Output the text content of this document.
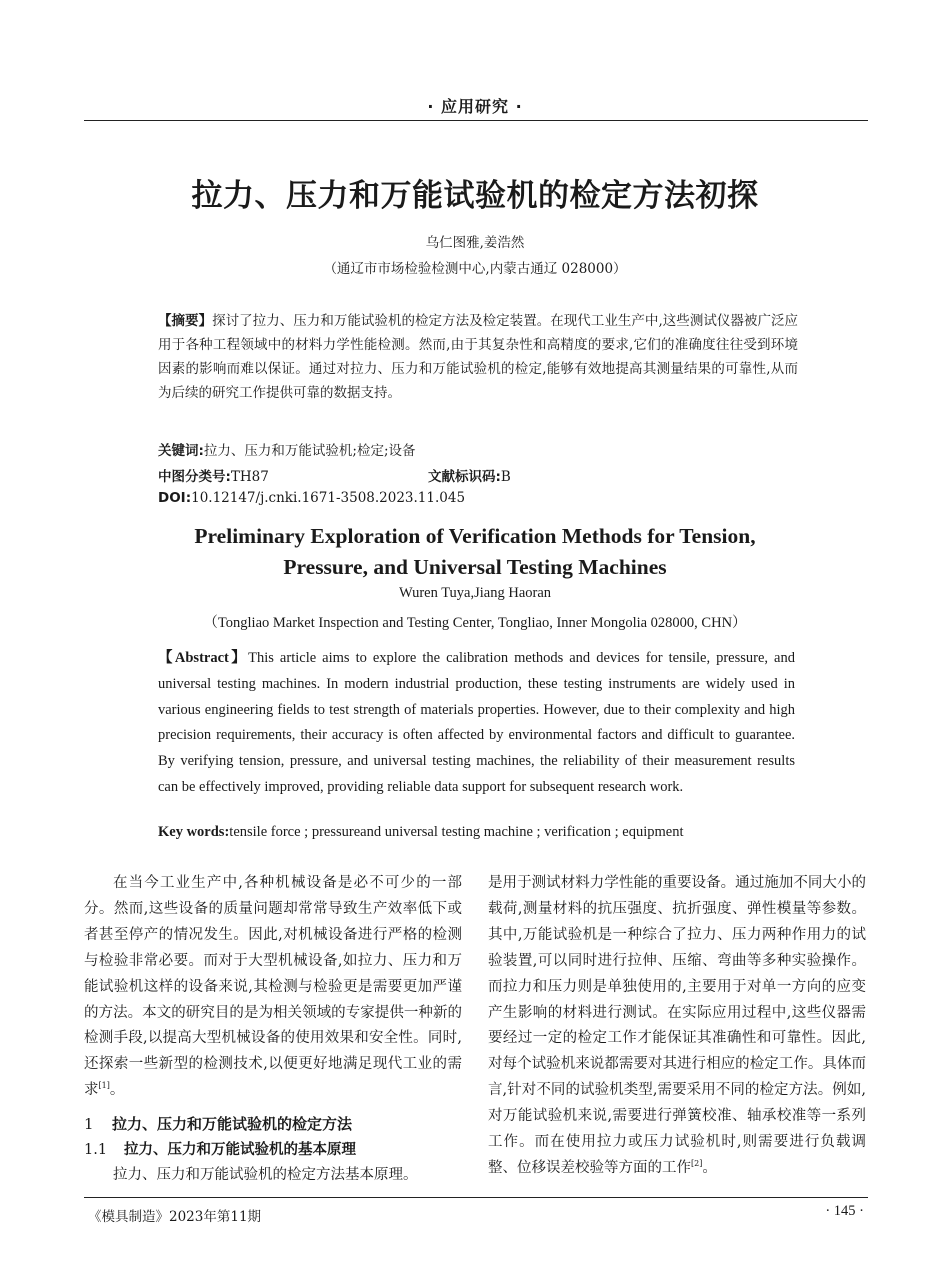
· 应用研究 ·
拉力、压力和万能试验机的检定方法初探
乌仁图雅,姜浩然
（通辽市市场检验检测中心,内蒙古通辽 028000）
【摘要】探讨了拉力、压力和万能试验机的检定方法及检定装置。在现代工业生产中,这些测试仪器被广泛应用于各种工程领域中的材料力学性能检测。然而,由于其复杂性和高精度的要求,它们的准确度往往受到环境因素的影响而难以保证。通过对拉力、压力和万能试验机的检定,能够有效地提高其测量结果的可靠性,从而为后续的研究工作提供可靠的数据支持。
关键词:拉力、压力和万能试验机;检定;设备
中图分类号:TH87	文献标识码:B
DOI:10.12147/j.cnki.1671-3508.2023.11.045
Preliminary Exploration of Verification Methods for Tension,
Pressure, and Universal Testing Machines
Wuren Tuya,Jiang Haoran
（Tongliao Market Inspection and Testing Center, Tongliao, Inner Mongolia 028000, CHN）
【Abstract】This article aims to explore the calibration methods and devices for tensile, pressure, and universal testing machines. In modern industrial production, these testing instruments are widely used in various engineering fields to test strength of materials properties. However, due to their complexity and high precision requirements, their accuracy is often affected by environmental factors and difficult to guarantee. By verifying tension, pressure, and universal testing machines, the reliability of their measurement results can be effectively improved, providing reliable data support for subsequent research work.
Key words:tensile force ; pressureand universal testing machine ; verification ; equipment

在当今工业生产中,各种机械设备是必不可少的一部分。然而,这些设备的质量问题却常常导致生产效率低下或者甚至停产的情况发生。因此,对机械设备进行严格的检测与检验非常必要。而对于大型机械设备,如拉力、压力和万能试验机这样的设备来说,其检测与检验更是需要更加严谨的方法。本文的研究目的是为相关领域的专家提供一种新的检测手段,以提高大型机械设备的使用效果和安全性。同时,还探索一些新型的检测技术,以便更好地满足现代工业的需求[1]。

1 拉力、压力和万能试验机的检定方法

1.1 拉力、压力和万能试验机的基本原理

拉力、压力和万能试验机的检定方法基本原理。

是用于测试材料力学性能的重要设备。通过施加不同大小的载荷,测量材料的抗压强度、抗折强度、弹性模量等参数。其中,万能试验机是一种综合了拉力、压力两种作用力的试验装置,可以同时进行拉伸、压缩、弯曲等多种实验操作。而拉力和压力则是单独使用的,主要用于对单一方向的应变产生影响的材料进行测试。在实际应用过程中,这些仪器需要经过一定的检定工作才能保证其准确性和可靠性。因此,对每个试验机来说都需要对其进行相应的检定工作。具体而言,针对不同的试验机类型,需要采用不同的检定方法。例如,对万能试验机来说,需要进行弹簧校准、轴承校准等一系列工作。而在使用拉力或压力试验机时,则需要进行负载调整、位移误差校验等方面的工作[2]。

《模具制造》2023年第11期	· 145 ·
